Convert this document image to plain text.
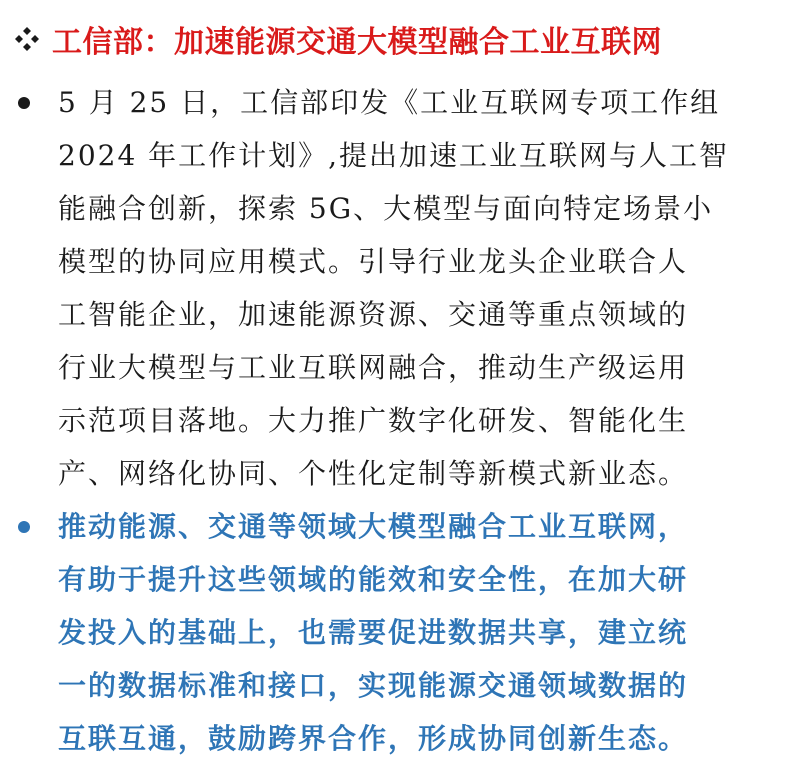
工信部：加速能源交通大模型融合工业互联网

5 月 25 日，工信部印发《工业互联网专项工作组
2024 年工作计划》,提出加速工业互联网与人工智
能融合创新，探索 5G、大模型与面向特定场景小
模型的协同应用模式。引导行业龙头企业联合人
工智能企业，加速能源资源、交通等重点领域的
行业大模型与工业互联网融合，推动生产级运用
示范项目落地。大力推广数字化研发、智能化生
产、网络化协同、个性化定制等新模式新业态。

推动能源、交通等领域大模型融合工业互联网，
有助于提升这些领域的能效和安全性，在加大研
发投入的基础上，也需要促进数据共享，建立统
一的数据标准和接口，实现能源交通领域数据的
互联互通，鼓励跨界合作，形成协同创新生态。
